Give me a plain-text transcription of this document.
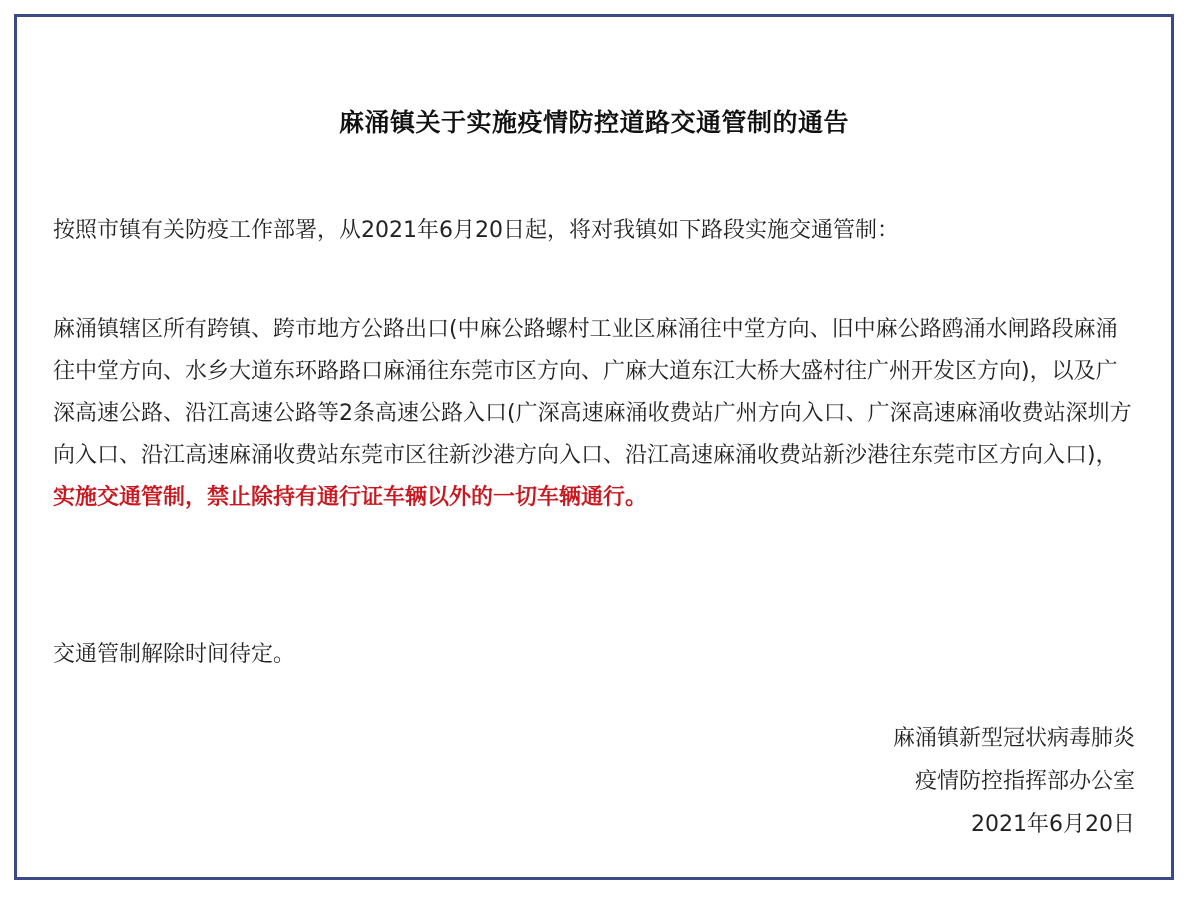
麻涌镇关于实施疫情防控道路交通管制的通告

按照市镇有关防疫工作部署，从2021年6月20日起，将对我镇如下路段实施交通管制：

麻涌镇辖区所有跨镇、跨市地方公路出口(中麻公路螺村工业区麻涌往中堂方向、旧中麻公路鸥涌水闸路段麻涌往中堂方向、水乡大道东环路路口麻涌往东莞市区方向、广麻大道东江大桥大盛村往广州开发区方向)，以及广深高速公路、沿江高速公路等2条高速公路入口(广深高速麻涌收费站广州方向入口、广深高速麻涌收费站深圳方向入口、沿江高速麻涌收费站东莞市区往新沙港方向入口、沿江高速麻涌收费站新沙港往东莞市区方向入口)，实施交通管制，禁止除持有通行证车辆以外的一切车辆通行。

交通管制解除时间待定。

麻涌镇新型冠状病毒肺炎
疫情防控指挥部办公室
2021年6月20日
